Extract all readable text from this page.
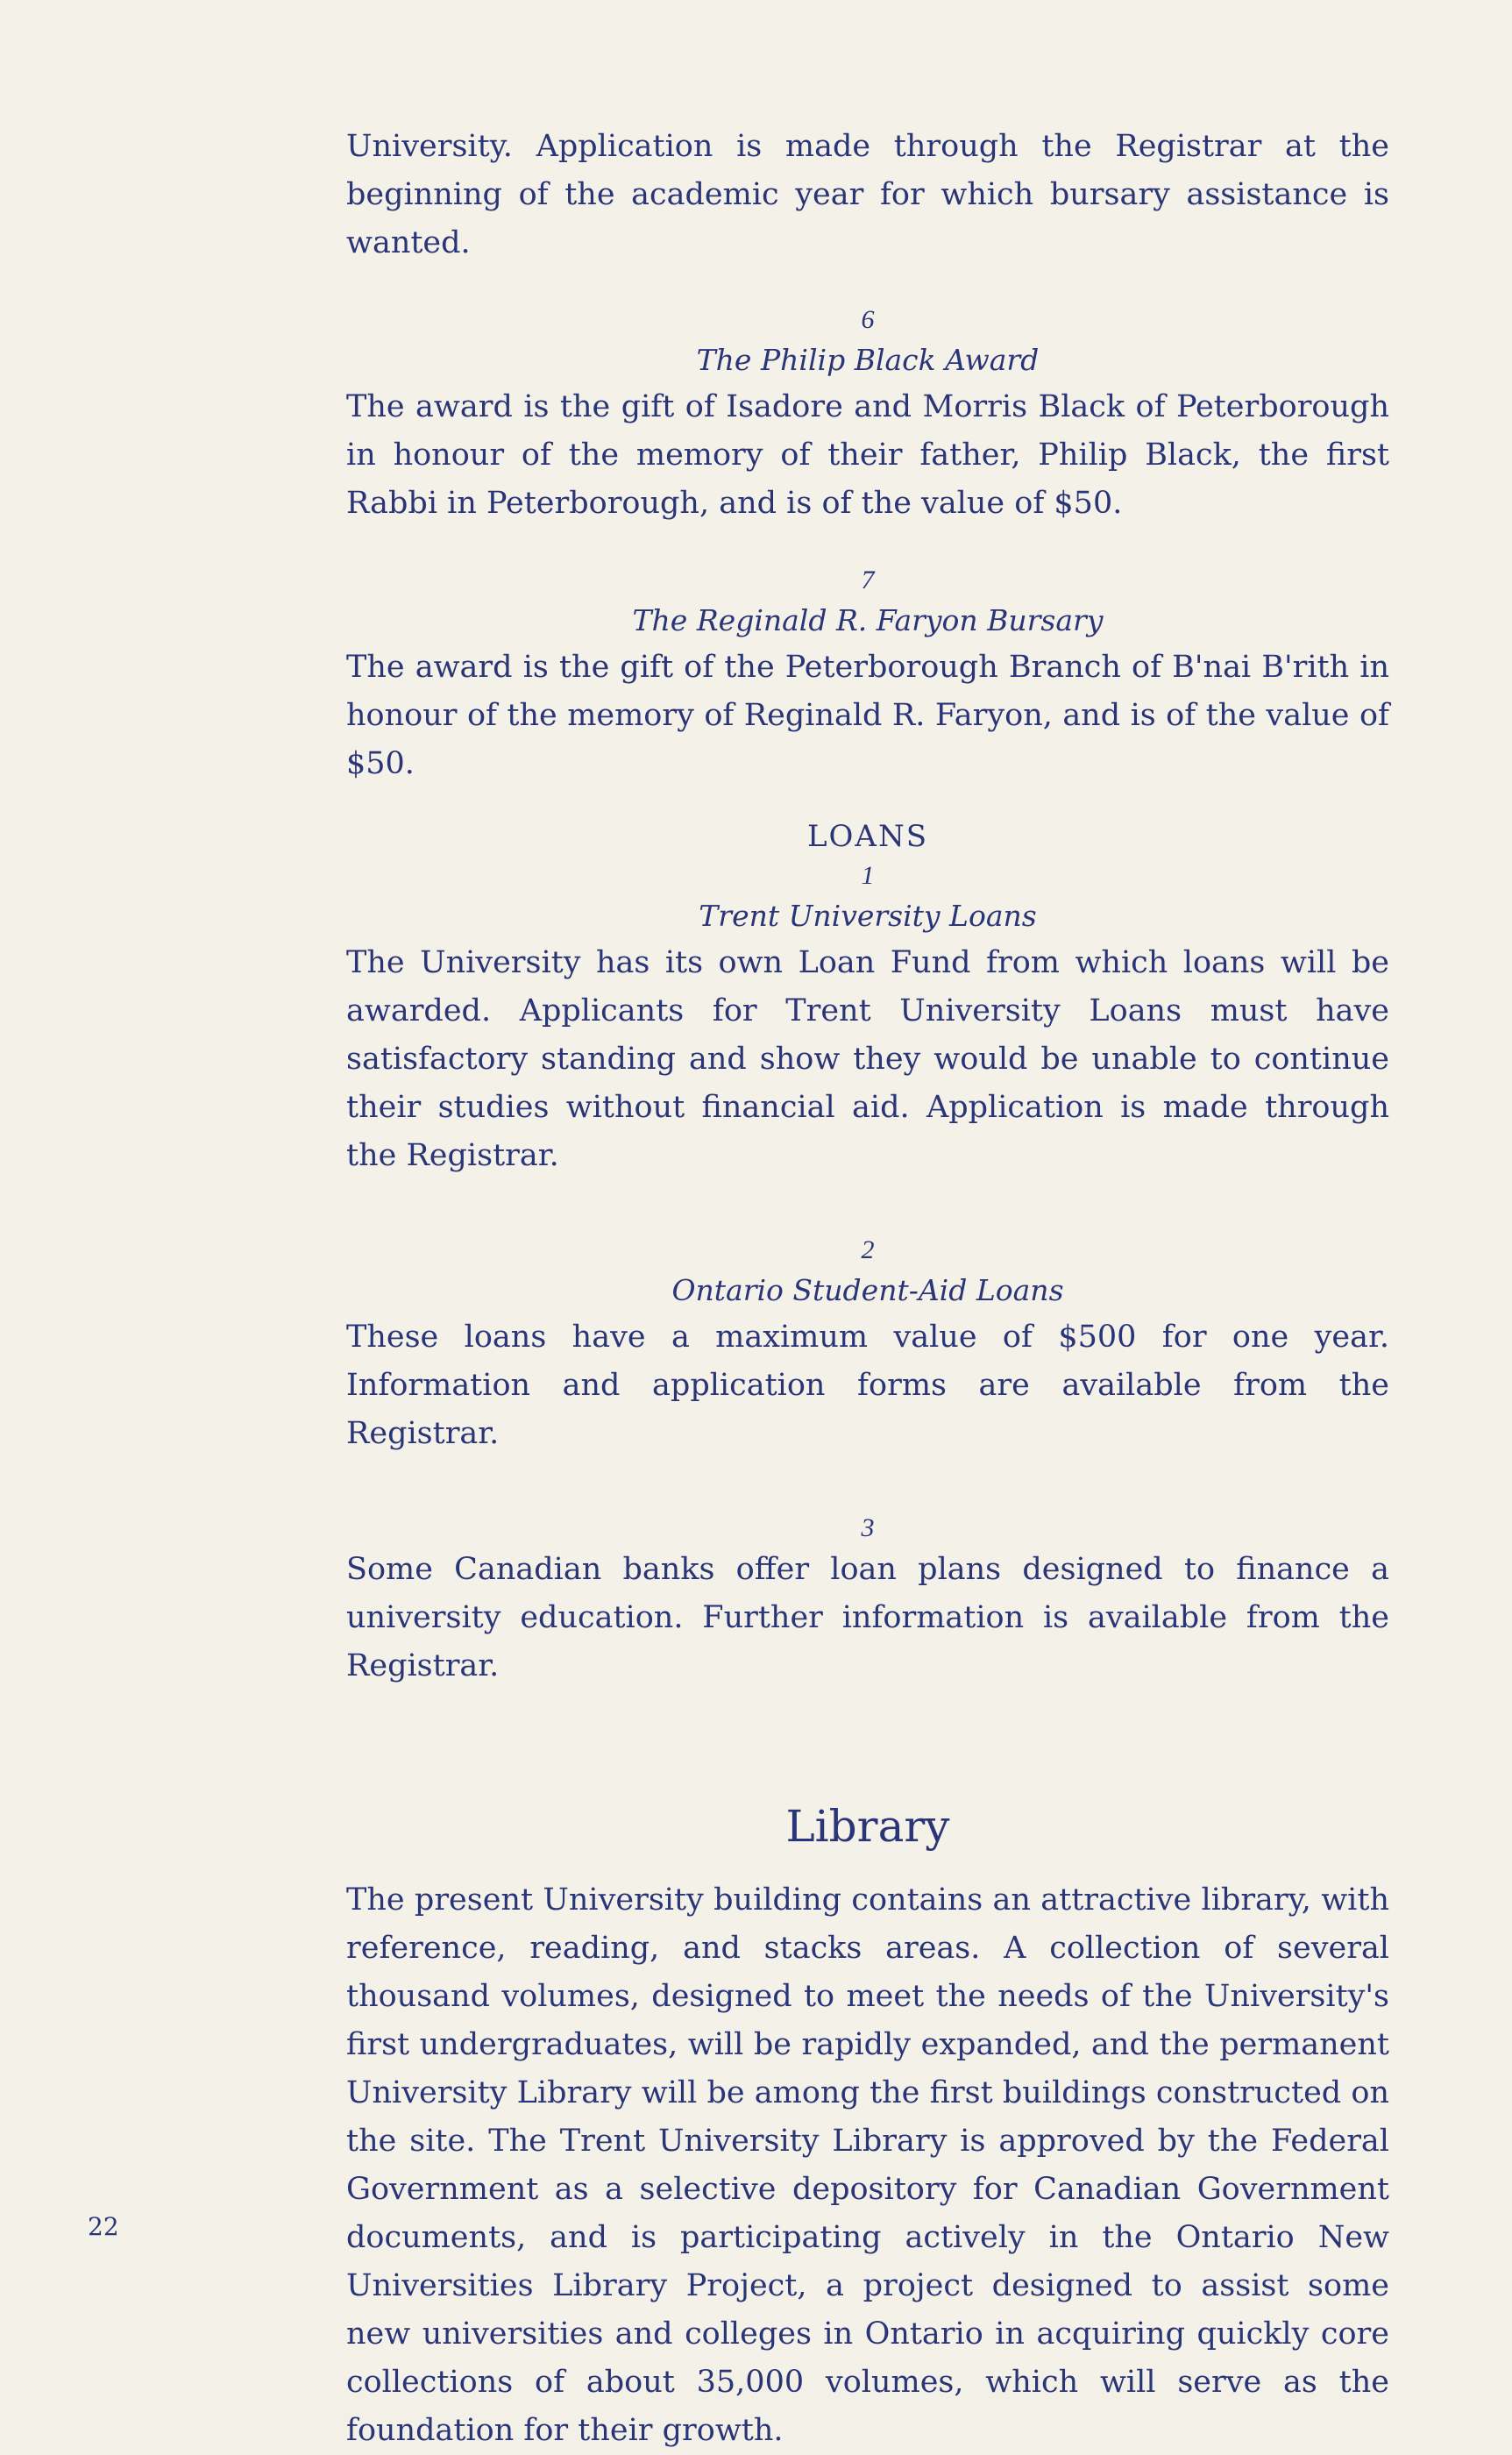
University. Application is made through the Registrar at the beginning of the academic year for which bursary assistance is wanted.

6

The Philip Black Award

The award is the gift of Isadore and Morris Black of Peterborough in honour of the memory of their father, Philip Black, the first Rabbi in Peterborough, and is of the value of $50.

7

The Reginald R. Faryon Bursary

The award is the gift of the Peterborough Branch of B'nai B'rith in honour of the memory of Reginald R. Faryon, and is of the value of $50.

LOANS

1

Trent University Loans

The University has its own Loan Fund from which loans will be awarded. Applicants for Trent University Loans must have satisfactory standing and show they would be unable to continue their studies without financial aid. Application is made through the Registrar.

2

Ontario Student-Aid Loans

These loans have a maximum value of $500 for one year. Information and application forms are available from the Registrar.

3

Some Canadian banks offer loan plans designed to finance a university education. Further information is available from the Registrar.

Library

The present University building contains an attractive library, with reference, reading, and stacks areas. A collection of several thousand volumes, designed to meet the needs of the University's first undergraduates, will be rapidly expanded, and the permanent University Library will be among the first buildings constructed on the site. The Trent University Library is approved by the Federal Government as a selective depository for Canadian Government documents, and is participating actively in the Ontario New Universities Library Project, a project designed to assist some new universities and colleges in Ontario in acquiring quickly core collections of about 35,000 volumes, which will serve as the foundation for their growth.

22
